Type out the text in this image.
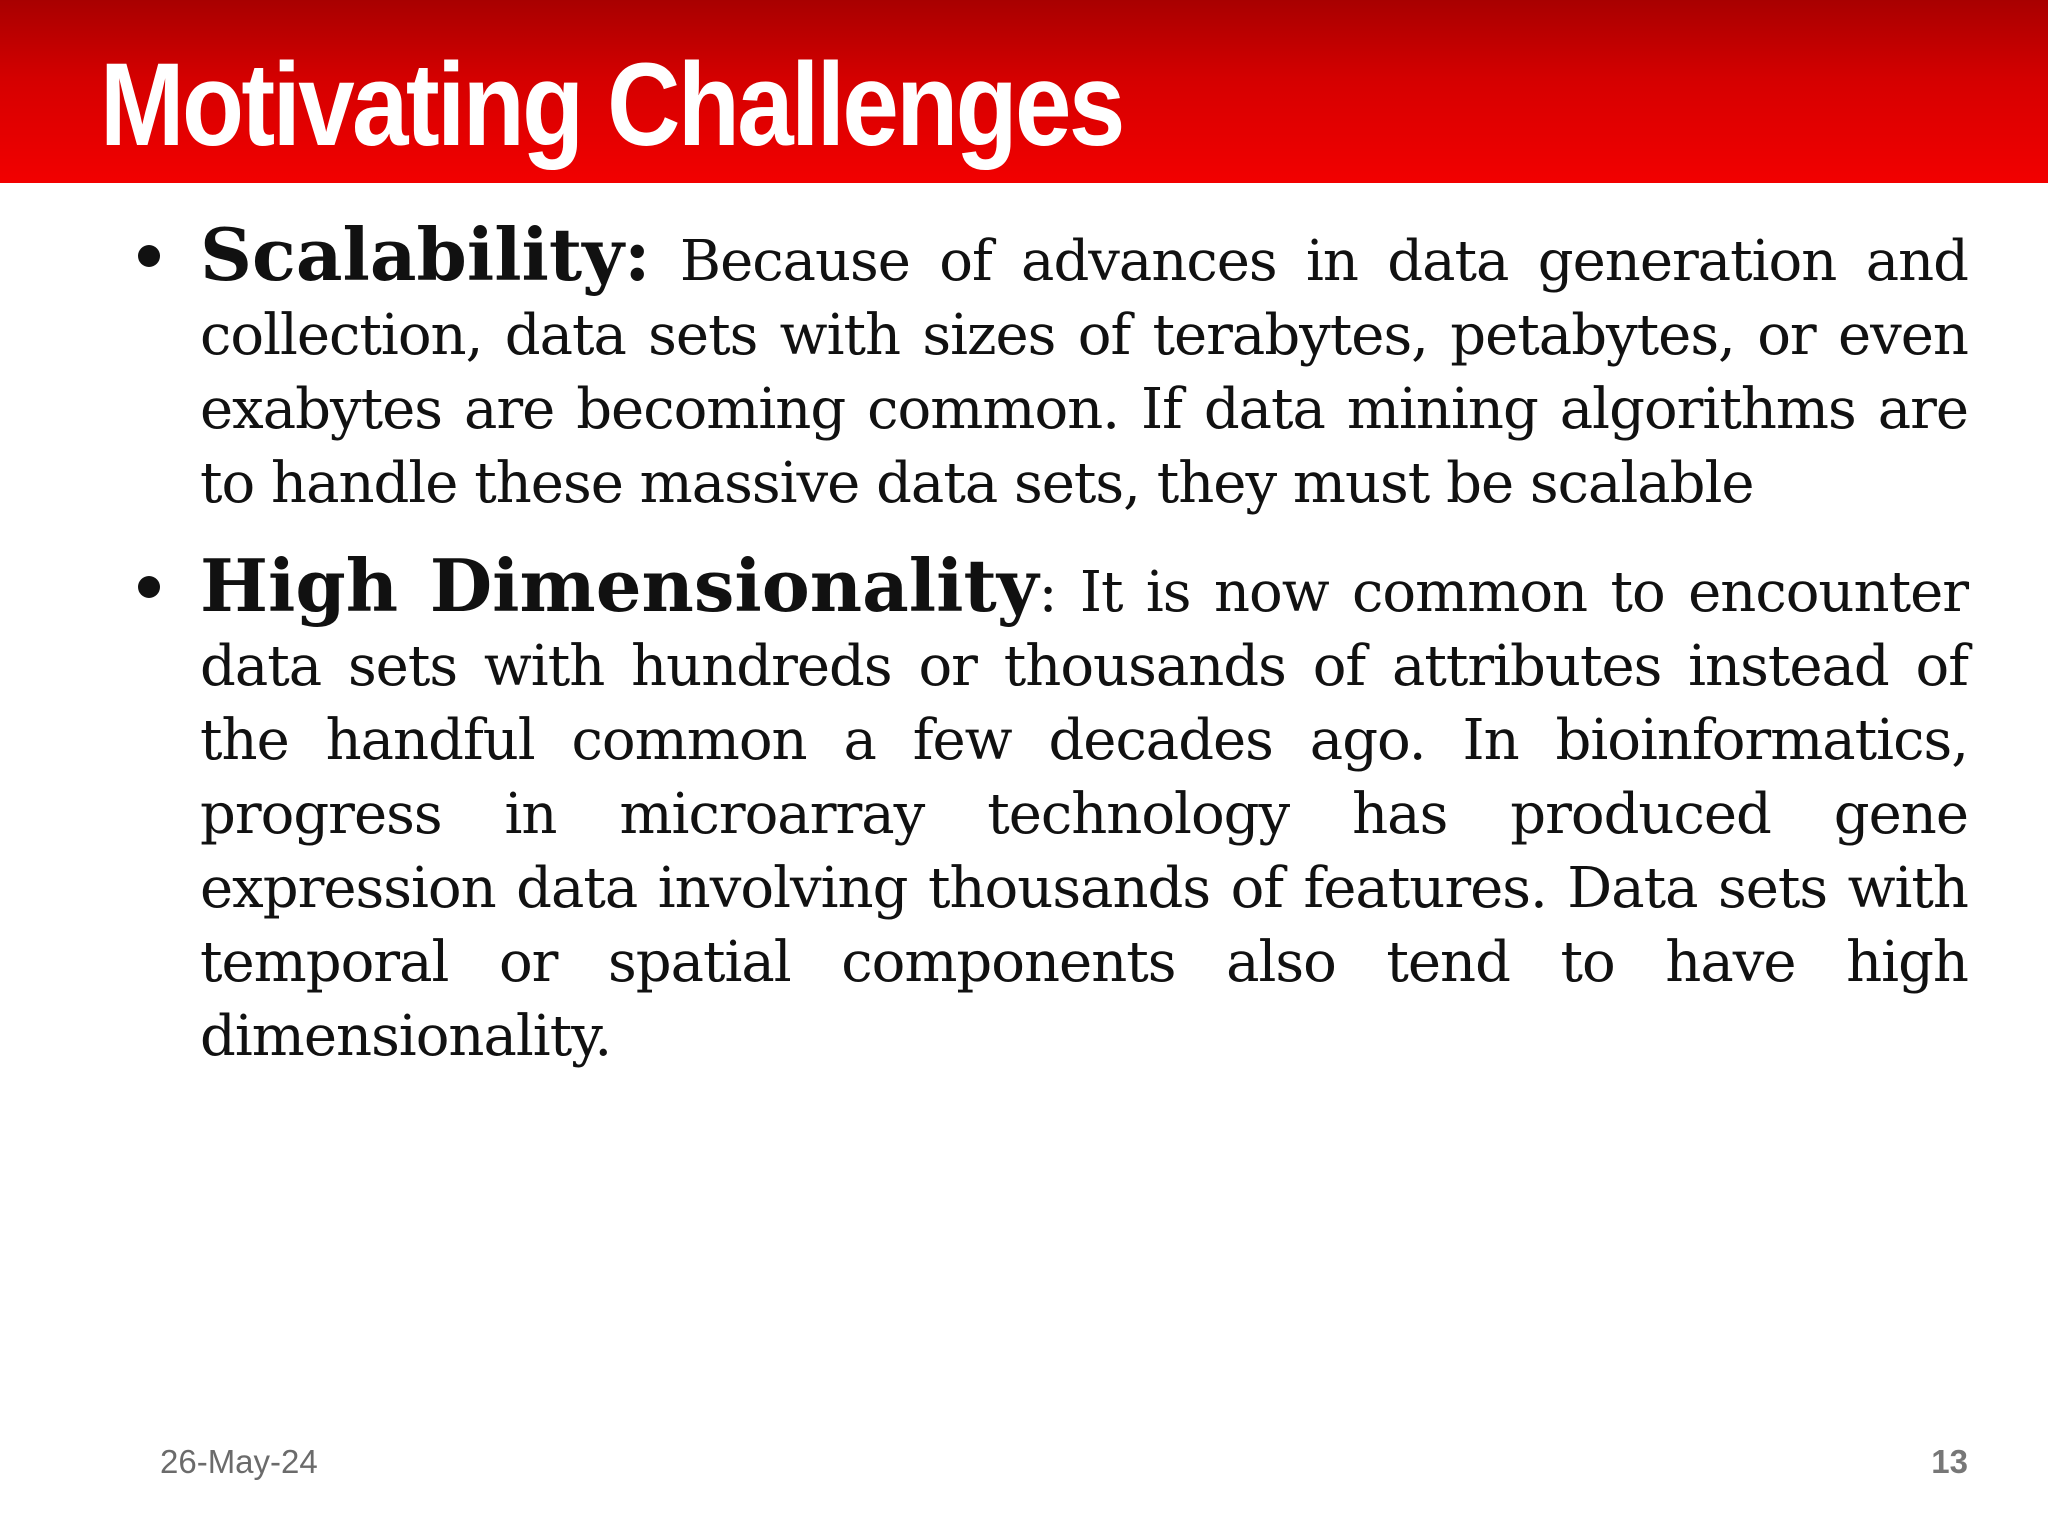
Motivating Challenges
Scalability: Because of advances in data generation and collection, data sets with sizes of terabytes, petabytes, or even exabytes are becoming common. If data mining algorithms are to handle these massive data sets, they must be scalable
High Dimensionality: It is now common to encounter data sets with hundreds or thousands of attributes instead of the handful common a few decades ago. In bioinformatics, progress in microarray technology has produced gene expression data involving thousands of features. Data sets with temporal or spatial components also tend to have high dimensionality.
26-May-24	13
